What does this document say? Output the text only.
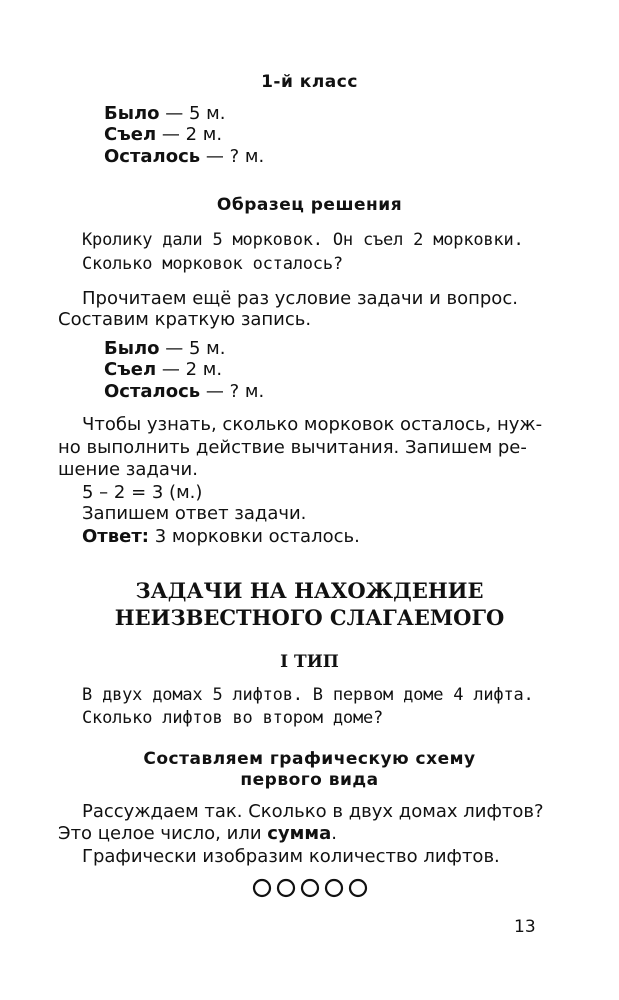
1-й класс
Было — 5 м.
Съел — 2 м.
Осталось — ? м.
Образец решения
Кролику дали 5 морковок. Он съел 2 морковки.
Сколько морковок осталось?
Прочитаем ещё раз условие задачи и вопрос.
Составим краткую запись.
Было — 5 м.
Съел — 2 м.
Осталось — ? м.
Чтобы узнать, сколько морковок осталось, нуж-
но выполнить действие вычитания. Запишем ре-
шение задачи.
5 – 2 = 3 (м.)
Запишем ответ задачи.
Ответ: 3 морковки осталось.
ЗАДАЧИ НА НАХОЖДЕНИЕ
НЕИЗВЕСТНОГО СЛАГАЕМОГО
I ТИП
В двух домах 5 лифтов. В первом доме 4 лифта.
Сколько лифтов во втором доме?
Составляем графическую схему
первого вида
Рассуждаем так. Сколько в двух домах лифтов?
Это целое число, или сумма.
Графически изобразим количество лифтов.
13
